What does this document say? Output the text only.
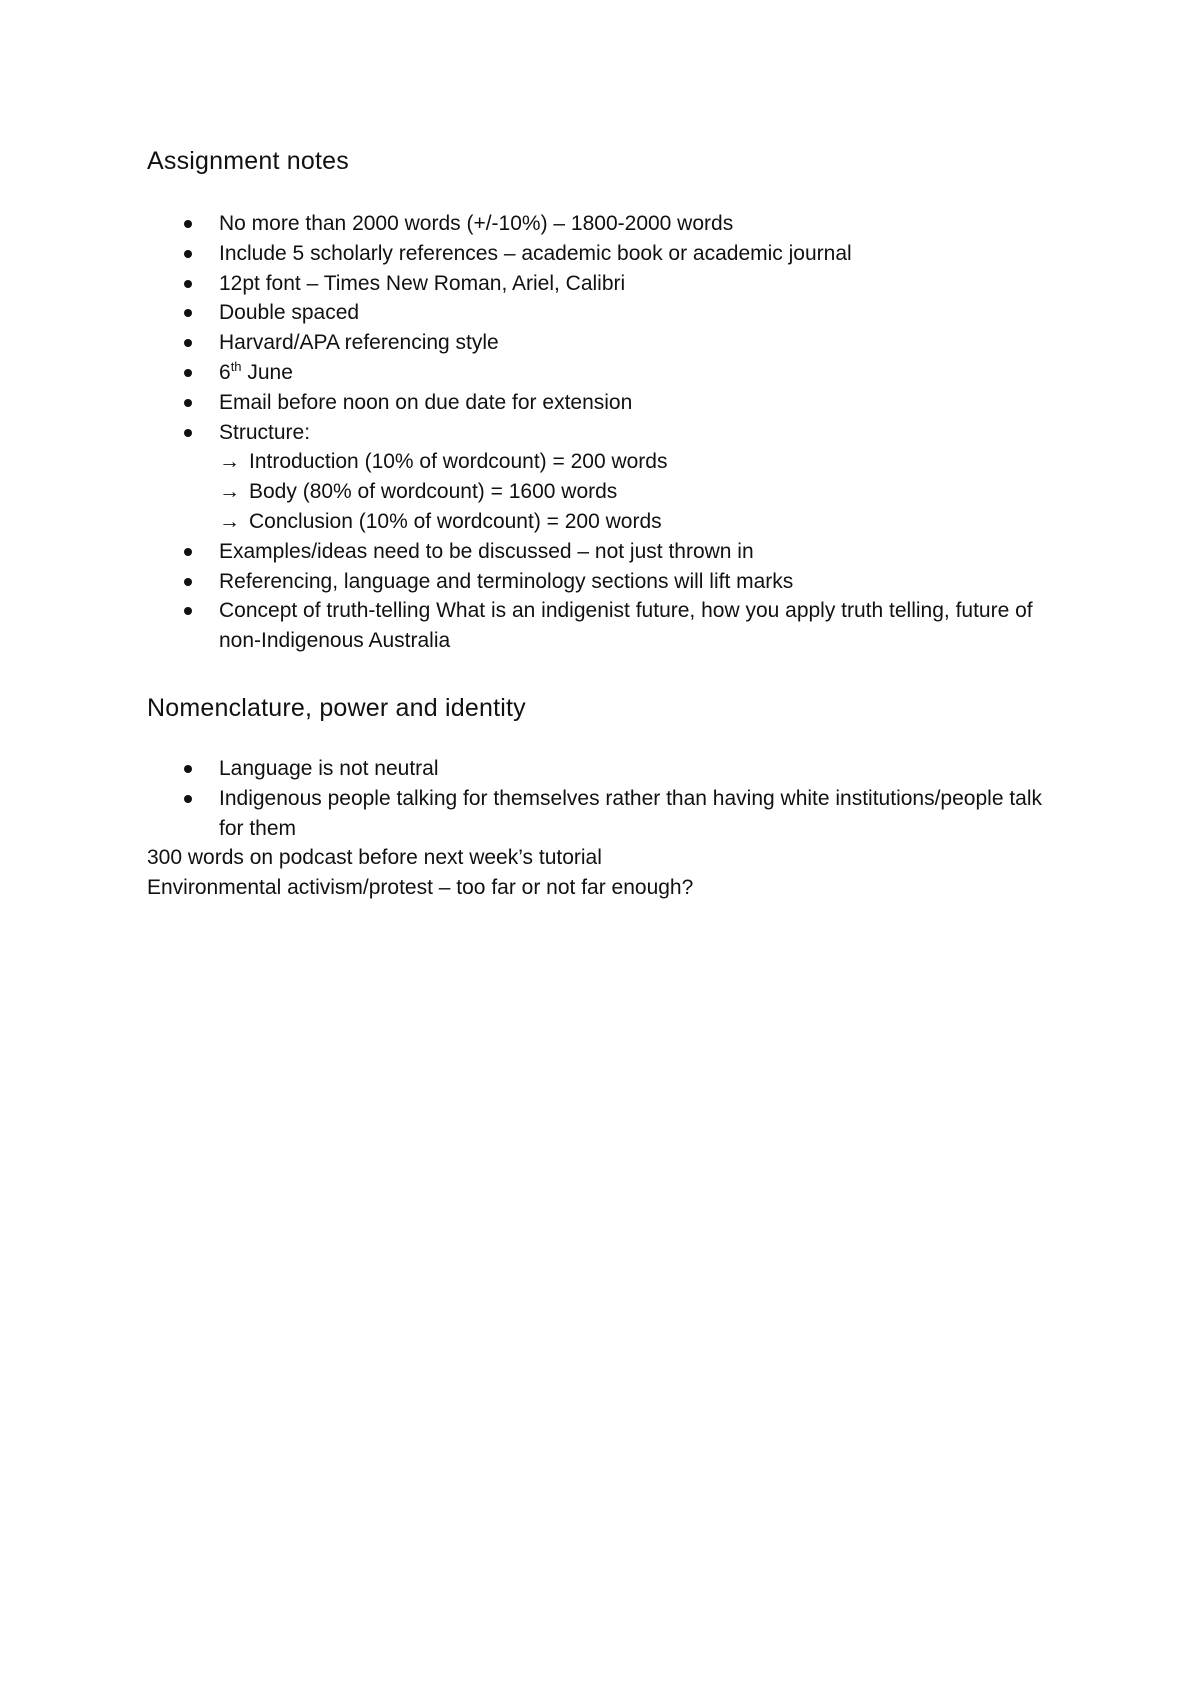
Assignment notes
No more than 2000 words (+/-10%) – 1800-2000 words
Include 5 scholarly references – academic book or academic journal
12pt font – Times New Roman, Ariel, Calibri
Double spaced
Harvard/APA referencing style
6th June
Email before noon on due date for extension
Structure:
→ Introduction (10% of wordcount) = 200 words
→ Body (80% of wordcount) = 1600 words
→ Conclusion (10% of wordcount) = 200 words
Examples/ideas need to be discussed – not just thrown in
Referencing, language and terminology sections will lift marks
Concept of truth-telling What is an indigenist future, how you apply truth telling, future of non-Indigenous Australia
Nomenclature, power and identity
Language is not neutral
Indigenous people talking for themselves rather than having white institutions/people talk for them

300 words on podcast before next week’s tutorial

Environmental activism/protest – too far or not far enough?
